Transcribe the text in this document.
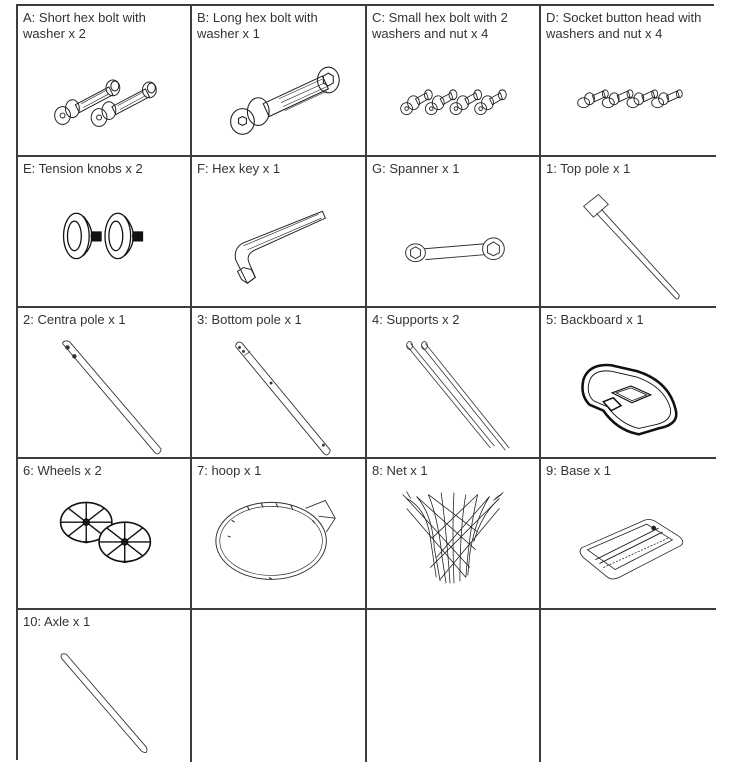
A: Short hex bolt with washer x 2
B: Long hex bolt with washer x 1
C: Small hex bolt with 2 washers and nut x 4
D: Socket button head with washers and nut x 4
E: Tension knobs x 2	F: Hex key x 1	G: Spanner x 1	1: Top pole x 1
2: Centra pole x 1	3: Bottom pole x 1	4: Supports x 2	5: Backboard x 1
6: Wheels x 2	7: hoop x 1	8: Net x 1	9: Base x 1
10: Axle x 1
